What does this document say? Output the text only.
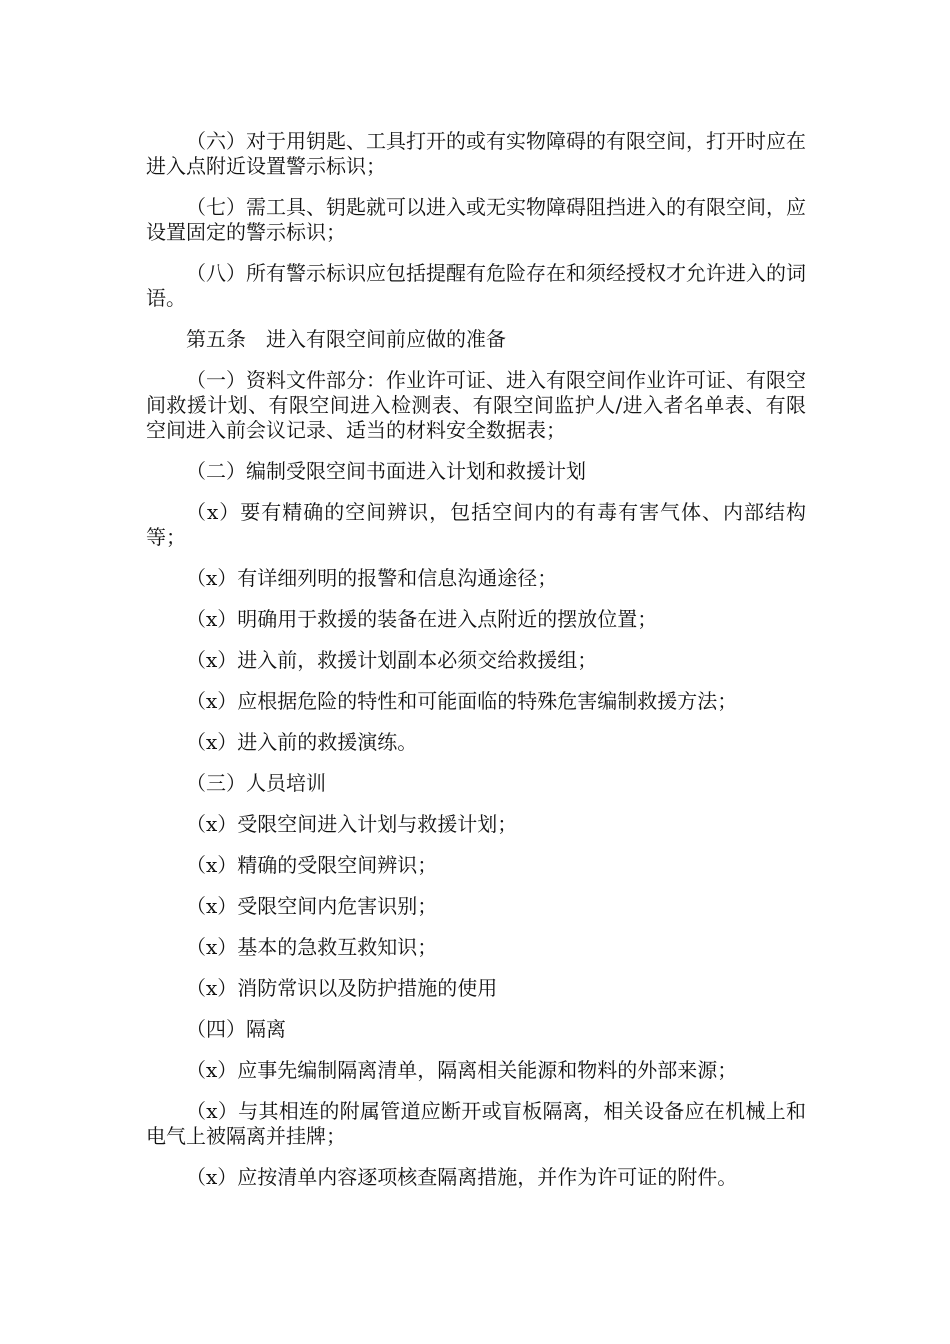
（六）对于用钥匙、工具打开的或有实物障碍的有限空间，打开时应在进入点附近设置警示标识；

（七）需工具、钥匙就可以进入或无实物障碍阻挡进入的有限空间，应设置固定的警示标识；

（八）所有警示标识应包括提醒有危险存在和须经授权才允许进入的词语。

第五条　进入有限空间前应做的准备

（一）资料文件部分：作业许可证、进入有限空间作业许可证、有限空间救援计划、有限空间进入检测表、有限空间监护人/进入者名单表、有限空间进入前会议记录、适当的材料安全数据表；

（二）编制受限空间书面进入计划和救援计划

（x）要有精确的空间辨识，包括空间内的有毒有害气体、内部结构等；

（x）有详细列明的报警和信息沟通途径；

（x）明确用于救援的装备在进入点附近的摆放位置；

（x）进入前，救援计划副本必须交给救援组；

（x）应根据危险的特性和可能面临的特殊危害编制救援方法；

（x）进入前的救援演练。

（三）人员培训

（x）受限空间进入计划与救援计划；

（x）精确的受限空间辨识；

（x）受限空间内危害识别；

（x）基本的急救互救知识；

（x）消防常识以及防护措施的使用

（四）隔离

（x）应事先编制隔离清单，隔离相关能源和物料的外部来源；

（x）与其相连的附属管道应断开或盲板隔离，相关设备应在机械上和电气上被隔离并挂牌；

（x）应按清单内容逐项核查隔离措施，并作为许可证的附件。
